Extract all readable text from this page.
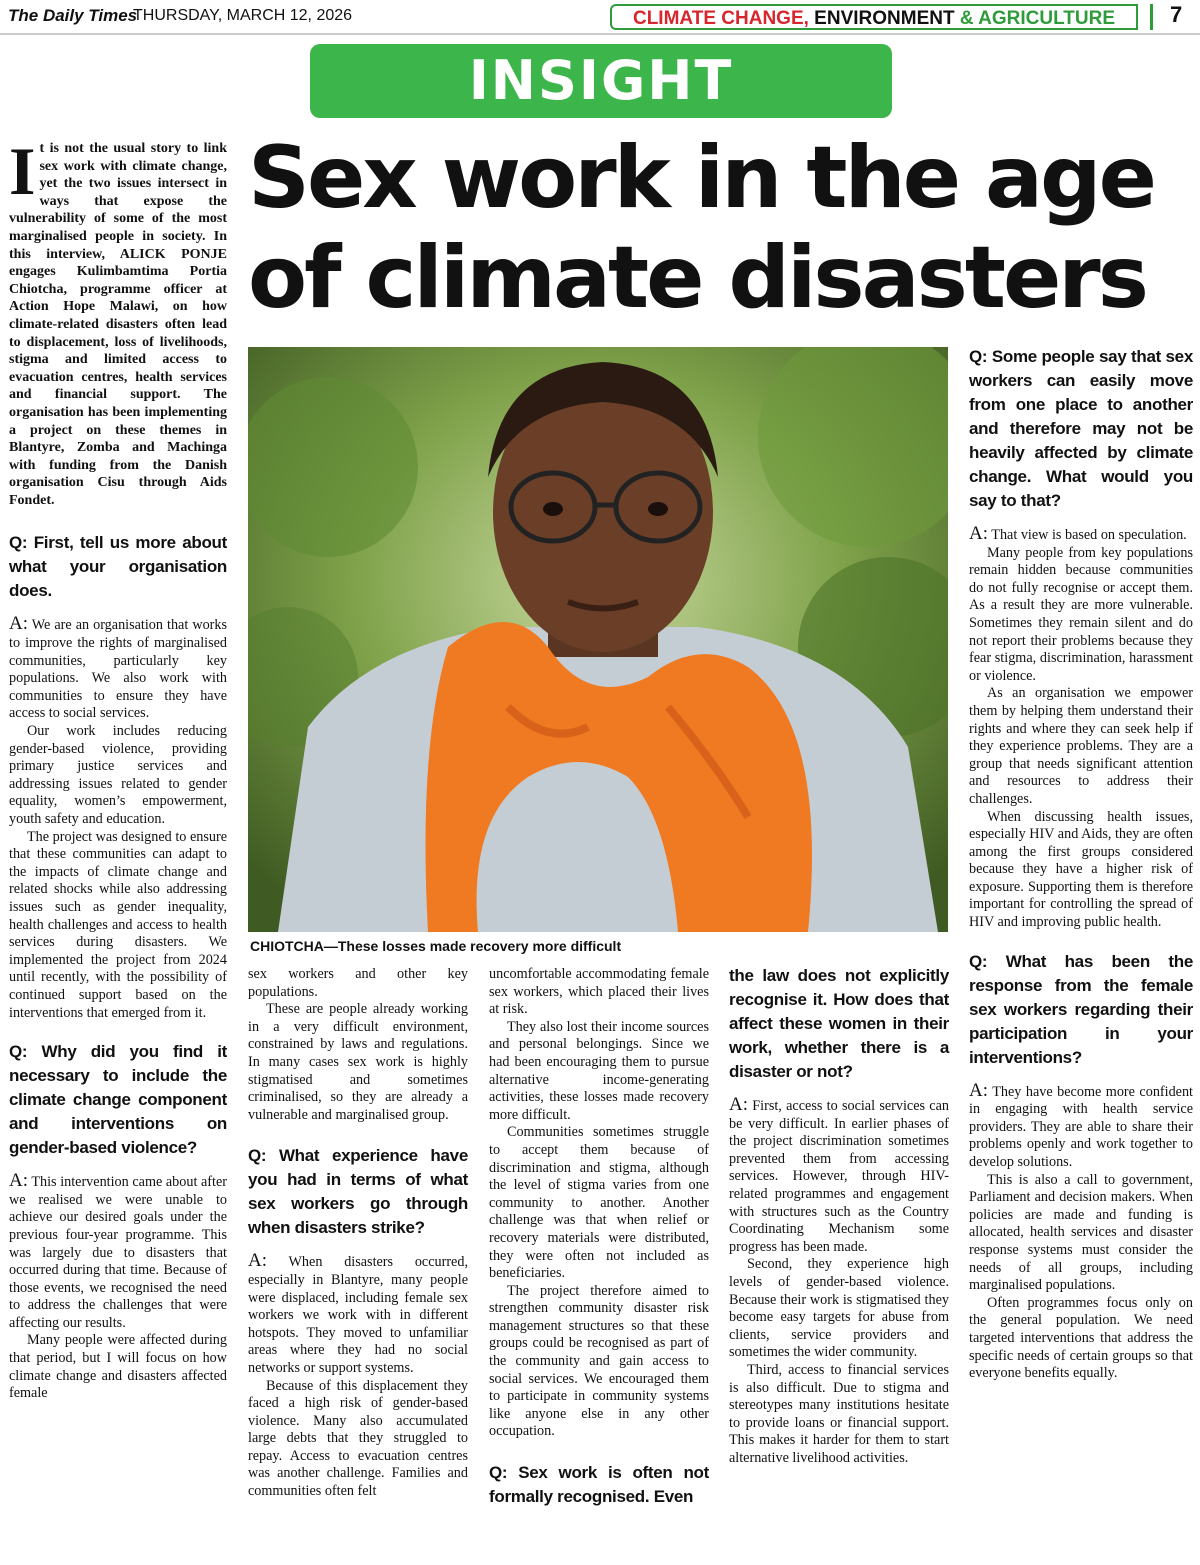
The Daily Times
THURSDAY, MARCH 12, 2026	CLIMATE CHANGE, ENVIRONMENT & AGRICULTURE	7
INSIGHT
Sex work in the age of climate disasters
CHIOTCHA—These losses made recovery more difficult
It is not the usual story to link sex work with climate change, yet the two issues intersect in ways that expose the vulnerability of some of the most marginalised people in society. In this interview, ALICK PONJE engages Kulimbamtima Portia Chiotcha, programme officer at Action Hope Malawi, on how climate-related disasters often lead to displacement, loss of livelihoods, stigma and limited access to evacuation centres, health services and financial support. The organisation has been implementing a project on these themes in Blantyre, Zomba and Machinga with funding from the Danish organisation Cisu through Aids Fondet.
Q: First, tell us more about what your organisation does.

A: We are an organisation that works to improve the rights of marginalised communities, particularly key populations. We also work with communities to ensure they have access to social services.

Our work includes reducing gender-based violence, providing primary justice services and addressing issues related to gender equality, women’s empowerment, youth safety and education.

The project was designed to ensure that these communities can adapt to the impacts of climate change and related shocks while also addressing issues such as gender inequality, health challenges and access to health services during disasters. We implemented the project from 2024 until recently, with the possibility of continued support based on the interventions that emerged from it.

Q: Why did you find it necessary to include the climate change component and interventions on gender-based violence?

A: This intervention came about after we realised we were unable to achieve our desired goals under the previous four-year programme. This was largely due to disasters that occurred during that time. Because of those events, we recognised the need to address the challenges that were affecting our results.

Many people were affected during that period, but I will focus on how climate change and disasters affected female

sex workers and other key populations.

These are people already working in a very difficult environment, constrained by laws and regulations. In many cases sex work is highly stigmatised and sometimes criminalised, so they are already a vulnerable and marginalised group.

Q: What experience have you had in terms of what sex workers go through when disasters strike?

A: When disasters occurred, especially in Blantyre, many people were displaced, including female sex workers we work with in different hotspots. They moved to unfamiliar areas where they had no social networks or support systems.

Because of this displacement they faced a high risk of gender-based violence. Many also accumulated large debts that they struggled to repay. Access to evacuation centres was another challenge. Families and communities often felt

uncomfortable accommodating female sex workers, which placed their lives at risk.

They also lost their income sources and personal belongings. Since we had been encouraging them to pursue alternative income-generating activities, these losses made recovery more difficult.

Communities sometimes struggle to accept them because of discrimination and stigma, although the level of stigma varies from one community to another. Another challenge was that when relief or recovery materials were distributed, they were often not included as beneficiaries.

The project therefore aimed to strengthen community disaster risk management structures so that these groups could be recognised as part of the community and gain access to social services. We encouraged them to participate in community systems like anyone else in any other occupation.

Q: Sex work is often not formally recognised. Even
the law does not explicitly recognise it. How does that affect these women in their work, whether there is a disaster or not?

A: First, access to social services can be very difficult. In earlier phases of the project discrimination sometimes prevented them from accessing services. However, through HIV-related programmes and engagement with structures such as the Country Coordinating Mechanism some progress has been made.

Second, they experience high levels of gender-based violence. Because their work is stigmatised they become easy targets for abuse from clients, service providers and sometimes the wider community.

Third, access to financial services is also difficult. Due to stigma and stereotypes many institutions hesitate to provide loans or financial support. This makes it harder for them to start alternative livelihood activities.

Q: Some people say that sex workers can easily move from one place to another and therefore may not be heavily affected by climate change. What would you say to that?

A: That view is based on speculation.

Many people from key populations remain hidden because communities do not fully recognise or accept them. As a result they are more vulnerable. Sometimes they remain silent and do not report their problems because they fear stigma, discrimination, harassment or violence.

As an organisation we empower them by helping them understand their rights and where they can seek help if they experience problems. They are a group that needs significant attention and resources to address their challenges.

When discussing health issues, especially HIV and Aids, they are often among the first groups considered because they have a higher risk of exposure. Supporting them is therefore important for controlling the spread of HIV and improving public health.

Q: What has been the response from the female sex workers regarding their participation in your interventions?

A: They have become more confident in engaging with health service providers. They are able to share their problems openly and work together to develop solutions.

This is also a call to government, Parliament and decision makers. When policies are made and funding is allocated, health services and disaster response systems must consider the needs of all groups, including marginalised populations.

Often programmes focus only on the general population. We need targeted interventions that address the specific needs of certain groups so that everyone benefits equally.
